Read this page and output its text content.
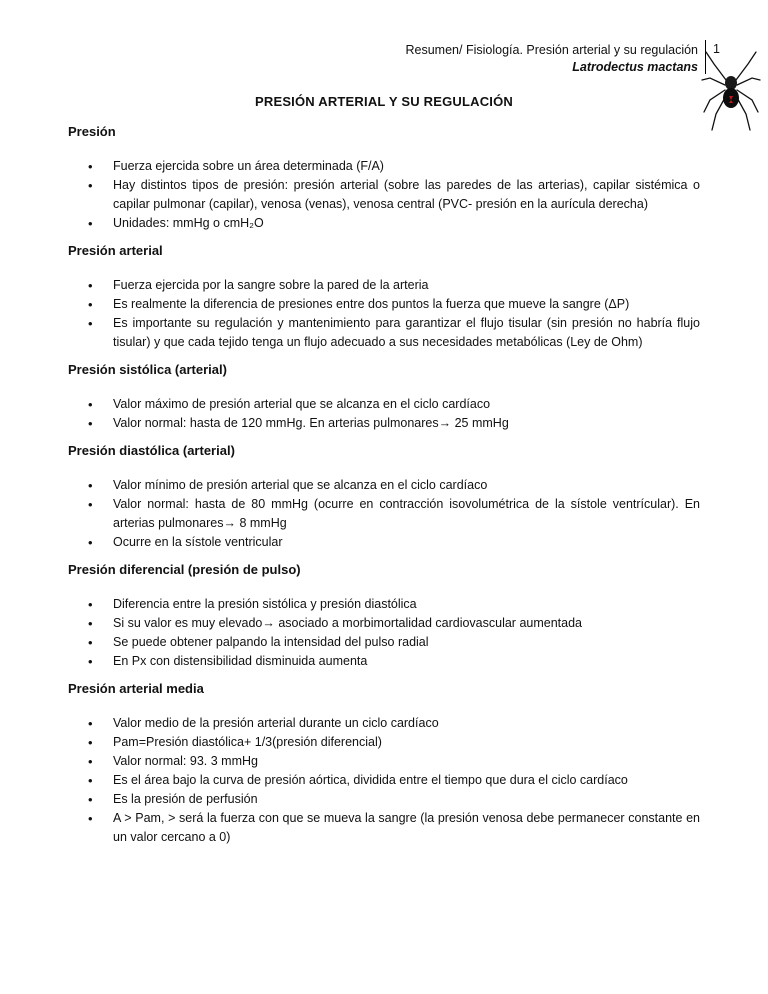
Resumen/ Fisiología. Presión arterial y su regulación
Latrodectus mactans
1
PRESIÓN ARTERIAL Y SU REGULACIÓN
Presión
• Fuerza ejercida sobre un área determinada (F/A)
• Hay distintos tipos de presión: presión arterial (sobre las paredes de las arterias), capilar sistémica o capilar pulmonar (capilar), venosa (venas), venosa central (PVC- presión en la aurícula derecha)
• Unidades: mmHg o cmH₂O
Presión arterial
• Fuerza ejercida por la sangre sobre la pared de la arteria
• Es realmente la diferencia de presiones entre dos puntos la fuerza que mueve la sangre (ΔP)
• Es importante su regulación y mantenimiento para garantizar el flujo tisular (sin presión no habría flujo tisular) y que cada tejido tenga un flujo adecuado a sus necesidades metabólicas (Ley de Ohm)
Presión sistólica (arterial)
• Valor máximo de presión arterial que se alcanza en el ciclo cardíaco
• Valor normal: hasta de 120 mmHg. En arterias pulmonares→ 25 mmHg
Presión diastólica (arterial)
• Valor mínimo de presión arterial que se alcanza en el ciclo cardíaco
• Valor normal: hasta de 80 mmHg (ocurre en contracción isovolumétrica de la sístole ventrícular). En arterias pulmonares→ 8 mmHg
• Ocurre en la sístole ventricular
Presión diferencial (presión de pulso)
• Diferencia entre la presión sistólica y presión diastólica
• Si su valor es muy elevado→ asociado a morbimortalidad cardiovascular aumentada
• Se puede obtener palpando la intensidad del pulso radial
• En Px con distensibilidad disminuida aumenta
Presión arterial media
• Valor medio de la presión arterial durante un ciclo cardíaco
• Pam=Presión diastólica+ 1/3(presión diferencial)
• Valor normal: 93. 3 mmHg
• Es el área bajo la curva de presión aórtica, dividida entre el tiempo que dura el ciclo cardíaco
• Es la presión de perfusión
• A > Pam, > será la fuerza con que se mueva la sangre (la presión venosa debe permanecer constante en un valor cercano a 0)
